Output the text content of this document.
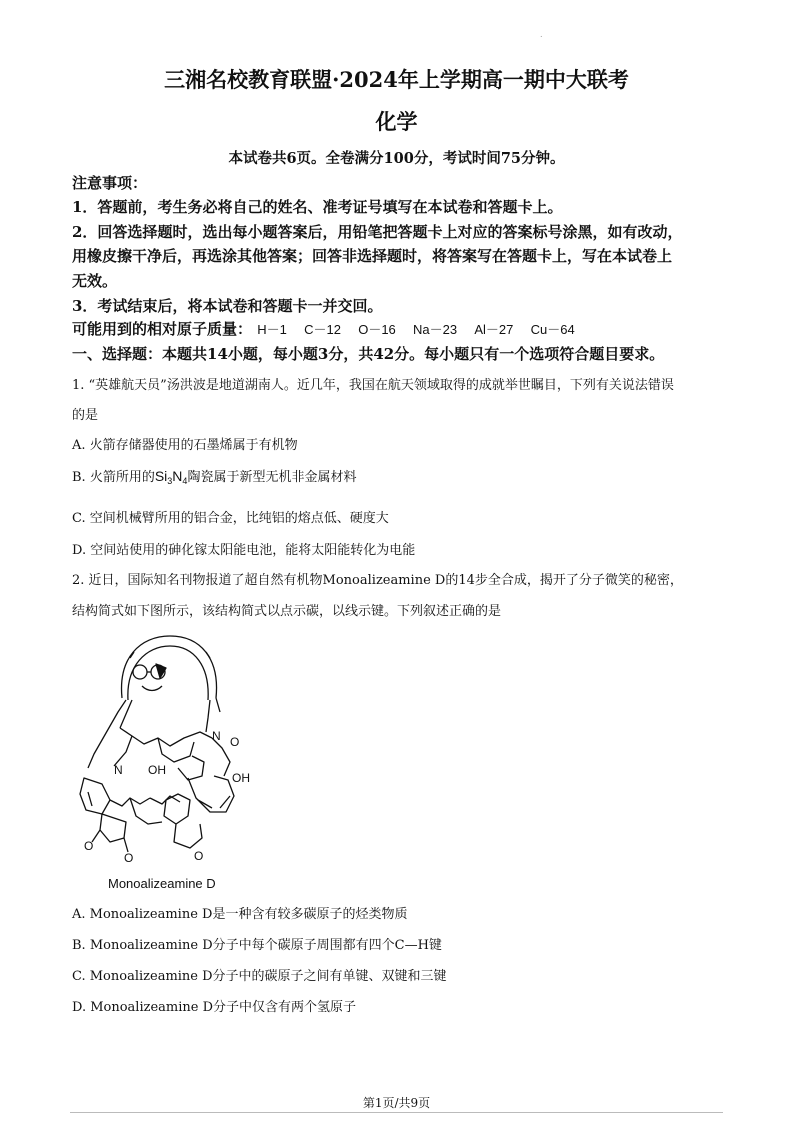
.
三湘名校教育联盟·2024年上学期高一期中大联考
化学
本试卷共6页。全卷满分100分，考试时间75分钟。
注意事项：
1．答题前，考生务必将自己的姓名、准考证号填写在本试卷和答题卡上。
2．回答选择题时，选出每小题答案后，用铅笔把答题卡上对应的答案标号涂黑，如有改动，
用橡皮擦干净后，再选涂其他答案；回答非选择题时，将答案写在答题卡上，写在本试卷上
无效。
3．考试结束后，将本试卷和答题卡一并交回。
可能用到的相对原子质量： H－1 C－12 O－16 Na－23 Al－27 Cu－64
一、选择题：本题共14小题，每小题3分，共42分。每小题只有一个选项符合题目要求。
1. “英雄航天员”汤洪波是地道湖南人。近几年，我国在航天领域取得的成就举世瞩目，下列有关说法错误
的是
A. 火箭存储器使用的石墨烯属于有机物
B. 火箭所用的$Si_3N_4$陶瓷属于新型无机非金属材料
C. 空间机械臂所用的铝合金，比纯铝的熔点低、硬度大
D. 空间站使用的砷化镓太阳能电池，能将太阳能转化为电能
2. 近日，国际知名刊物报道了超自然有机物Monoalizeamine D的14步全合成，揭开了分子微笑的秘密，
结构简式如下图所示，该结构简式以点示碳，以线示键。下列叙述正确的是
N
N OH
OH
O
O
O	O
Monoalizeamine D
A. Monoalizeamine D是一种含有较多碳原子的烃类物质
B. Monoalizeamine D分子中每个碳原子周围都有四个C—H键
C. Monoalizeamine D分子中的碳原子之间有单键、双键和三键
D. Monoalizeamine D分子中仅含有两个氢原子
第1页/共9页
